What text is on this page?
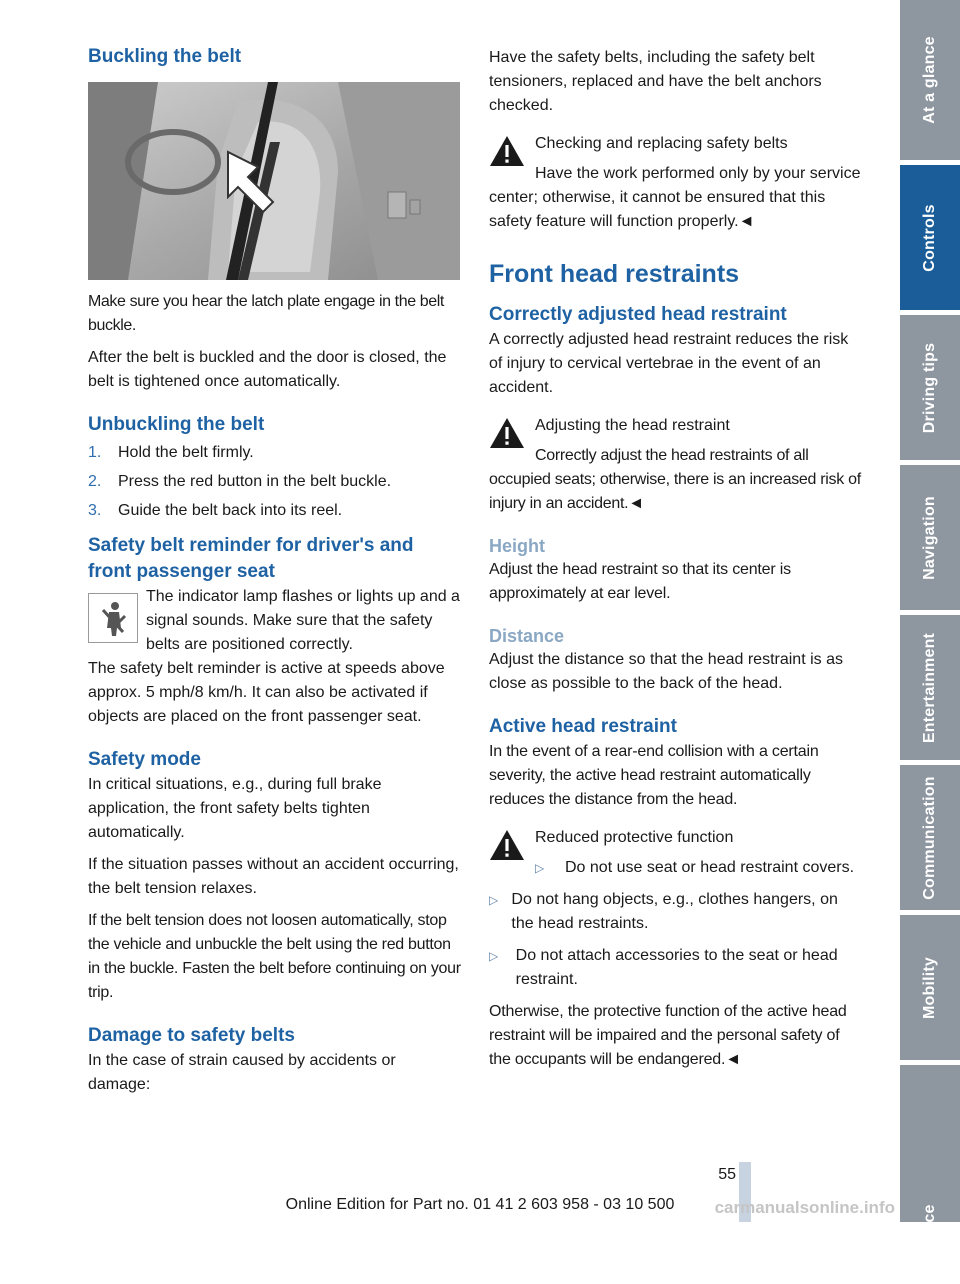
Buckling the belt

Make sure you hear the latch plate engage in the belt buckle.

After the belt is buckled and the door is closed, the belt is tightened once automatically.

Unbuckling the belt
1.	Hold the belt firmly.
2.	Press the red button in the belt buckle.
3.	Guide the belt back into its reel.
Safety belt reminder for driver's and front passenger seat

The indicator lamp flashes or lights up and a signal sounds. Make sure that the safety belts are positioned correctly.

The safety belt reminder is active at speeds above approx. 5 mph/8 km/h. It can also be activated if objects are placed on the front passenger seat.

Safety mode

In critical situations, e.g., during full brake application, the front safety belts tighten automatically.

If the situation passes without an accident occurring, the belt tension relaxes.

If the belt tension does not loosen automatically, stop the vehicle and unbuckle the belt using the red button in the buckle. Fasten the belt before continuing on your trip.

Damage to safety belts

In the case of strain caused by accidents or damage:

Have the safety belts, including the safety belt tensioners, replaced and have the belt anchors checked.

Checking and replacing safety belts

Have the work performed only by your service center; otherwise, it cannot be ensured that this safety feature will function properly.◄

Front head restraints
Correctly adjusted head restraint

A correctly adjusted head restraint reduces the risk of injury to cervical vertebrae in the event of an accident.

Adjusting the head restraint

Correctly adjust the head restraints of all occupied seats; otherwise, there is an increased risk of injury in an accident.◄

Height

Adjust the head restraint so that its center is approximately at ear level.

Distance

Adjust the distance so that the head restraint is as close as possible to the back of the head.

Active head restraint

In the event of a rear-end collision with a certain severity, the active head restraint automatically reduces the distance from the head.

Reduced protective function

▷	Do not use seat or head restraint covers.
▷ Do not hang objects, e.g., clothes hangers, on the head restraints.
▷	Do not attach accessories to the seat or head restraint.

Otherwise, the protective function of the active head restraint will be impaired and the personal safety of the occupants will be endangered.◄

At a glance
Controls
Driving tips
Navigation
Entertainment
Communication
Mobility
Reference
55
Online Edition for Part no. 01 41 2 603 958 - 03 10 500	carmanualsonline.info
